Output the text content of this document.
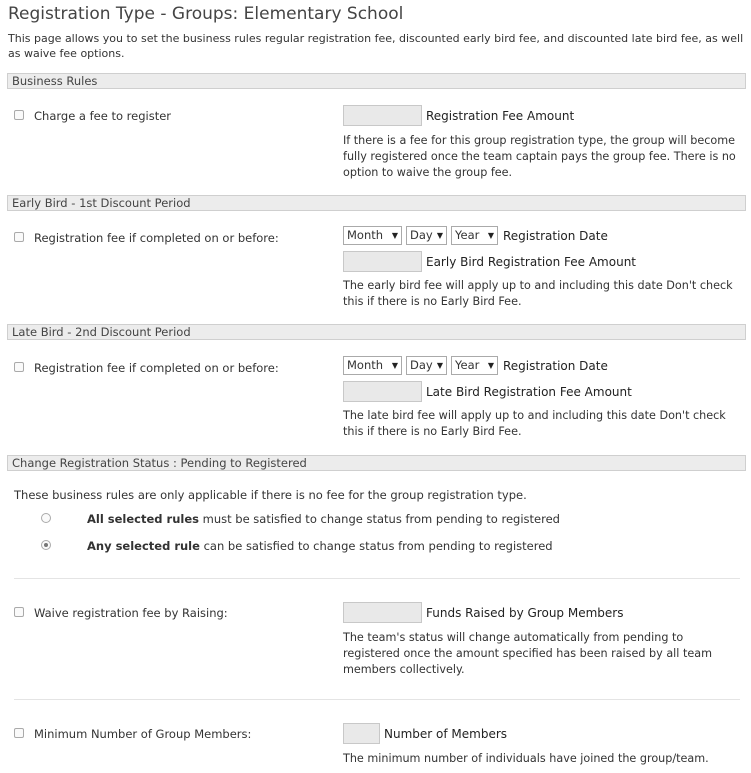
Registration Type - Groups: Elementary School
This page allows you to set the business rules regular registration fee, discounted early bird fee, and discounted late bird fee, as well as waive fee options.
Business Rules
Charge a fee to register	Registration Fee Amount
If there is a fee for this group registration type, the group will become fully registered once the team captain pays the group fee. There is no option to waive the group fee.
Early Bird - 1st Discount Period
Registration fee if completed on or before:	Month ▼	Day ▼	Year ▼ Registration Date
Early Bird Registration Fee Amount
The early bird fee will apply up to and including this date Don't check this if there is no Early Bird Fee.
Late Bird - 2nd Discount Period
Registration fee if completed on or before:	Month ▼	Day ▼	Year ▼ Registration Date
Late Bird Registration Fee Amount
The late bird fee will apply up to and including this date Don't check this if there is no Early Bird Fee.
Change Registration Status : Pending to Registered
These business rules are only applicable if there is no fee for the group registration type.
All selected rules must be satisfied to change status from pending to registered
Any selected rule can be satisfied to change status from pending to registered
Waive registration fee by Raising:	Funds Raised by Group Members
The team's status will change automatically from pending to registered once the amount specified has been raised by all team members collectively.
Minimum Number of Group Members:	Number of Members
The minimum number of individuals have joined the group/team.
